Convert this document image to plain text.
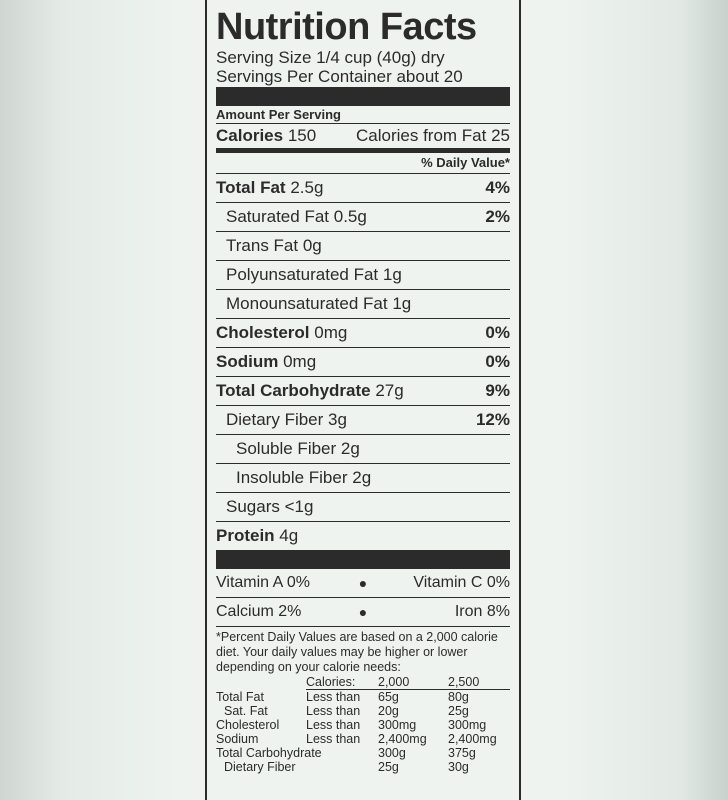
Nutrition Facts
Serving Size 1/4 cup (40g) dry
Servings Per Container about 20
Amount Per Serving
Calories 150 Calories from Fat 25
% Daily Value*
Total Fat 2.5g	4%
Saturated Fat 0.5g	2%
Trans Fat 0g
Polyunsaturated Fat 1g
Monounsaturated Fat 1g
Cholesterol 0mg	0%
Sodium 0mg	0%
Total Carbohydrate 27g	9%
Dietary Fiber 3g	12%
Soluble Fiber 2g
Insoluble Fiber 2g
Sugars <1g
Protein 4g
Vitamin A 0%	●	Vitamin C 0%
Calcium 2%	●	Iron 8%
*Percent Daily Values are based on a 2,000 calorie diet. Your daily values may be higher or lower depending on your calorie needs:
	Calories:	2,000	2,500
Total Fat	Less than	65g	80g
Sat. Fat	Less than	20g	25g
Cholesterol	Less than	300mg	300mg
Sodium	Less than	2,400mg	2,400mg
Total Carbohydrate		300g	375g
Dietary Fiber		25g	30g
